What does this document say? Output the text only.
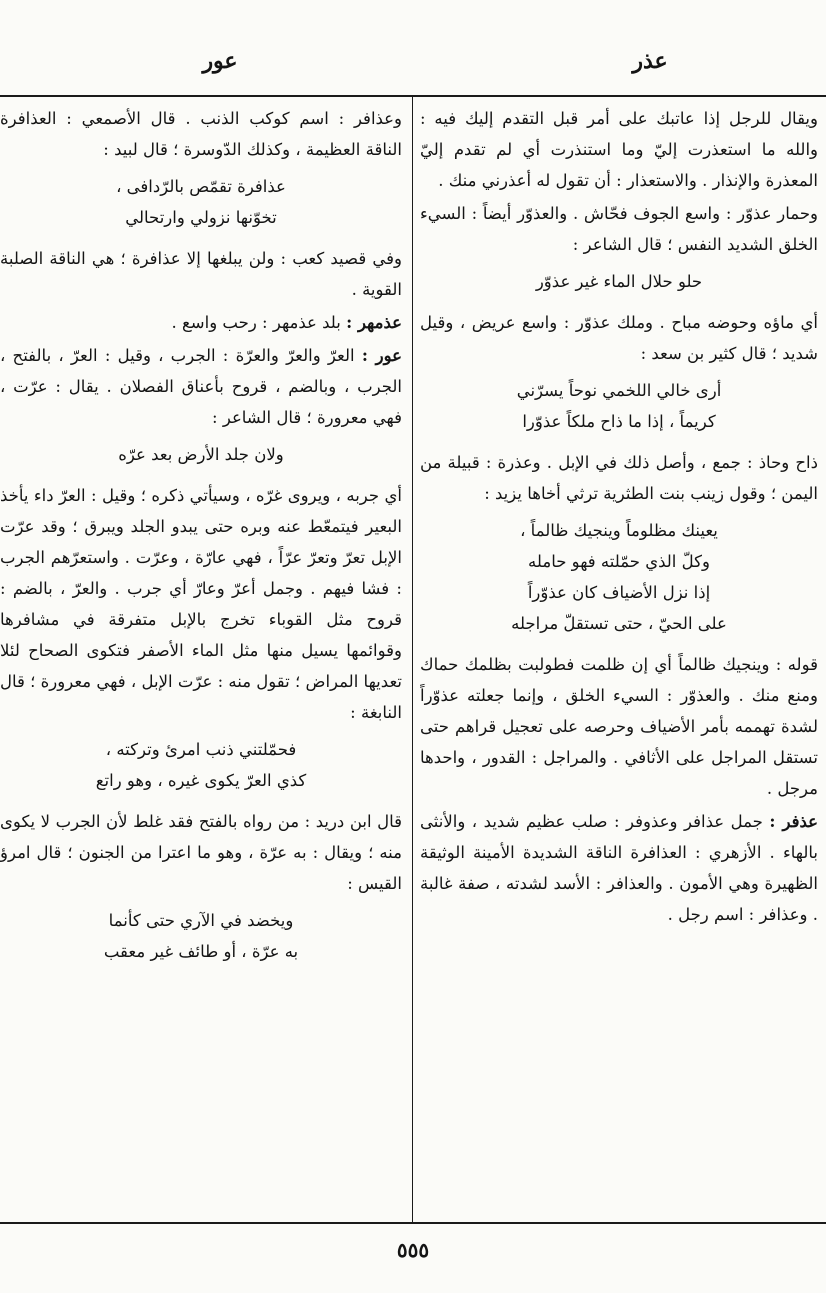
عذر
عور

ويقال للرجل إذا عاتبك على أمر قبل التقدم إليك فيه : والله ما استعذرت إليّ وما استنذرت أي لم تقدم إليّ المعذرة والإنذار . والاستعذار : أن تقول له أعذرني منك .

وحمار عذوّر : واسع الجوف فحّاش . والعذوّر أيضاً : السيء الخلق الشديد النفس ؛ قال الشاعر :

حلو حلال الماء غير عذوّر

أي ماؤه وحوضه مباح . وملك عذوّر : واسع عريض ، وقيل شديد ؛ قال كثير بن سعد :

أرى خالي اللخمي نوحاً يسرّني

كريماً ، إذا ما ذاح ملكاً عذوّرا

ذاح وحاذ : جمع ، وأصل ذلك في الإبل . وعذرة : قبيلة من اليمن ؛ وقول زينب بنت الطثرية ترثي أخاها يزيد :

يعينك مظلوماً وينجيك ظالماً ،

وكلّ الذي حمّلته فهو حامله

إذا نزل الأضياف كان عذوّراً

على الحيّ ، حتى تستقلّ مراجله

قوله : وينجيك ظالماً أي إن ظلمت فطولبت بظلمك حماك ومنع منك . والعذوّر : السيء الخلق ، وإنما جعلته عذوّراً لشدة تهممه بأمر الأضياف وحرصه على تعجيل قراهم حتى تستقل المراجل على الأثافي . والمراجل : القدور ، واحدها مرجل .

عذفر : جمل عذافر وعذوفر : صلب عظيم شديد ، والأنثى بالهاء . الأزهري : العذافرة الناقة الشديدة الأمينة الوثيقة الظهيرة وهي الأمون . والعذافر : الأسد لشدته ، صفة غالبة . وعذافر : اسم رجل .

وعذافر : اسم كوكب الذنب . قال الأصمعي : العذافرة الناقة العظيمة ، وكذلك الدّوسرة ؛ قال لبيد :

عذافرة تقمّص بالرّدافى ،

تخوّنها نزولي وارتحالي

وفي قصيد كعب : ولن يبلغها إلا عذافرة ؛ هي الناقة الصلبة القوية .

عذمهر : بلد عذمهر : رحب واسع .

عور : العرّ والعرّ والعرّة : الجرب ، وقيل : العرّ ، بالفتح ، الجرب ، وبالضم ، قروح بأعناق الفصلان . يقال : عرّت ، فهي معرورة ؛ قال الشاعر :

ولان جلد الأرض بعد عرّه

أي جربه ، ويروى غرّه ، وسيأتي ذكره ؛ وقيل : العرّ داء يأخذ البعير فيتمعّط عنه وبره حتى يبدو الجلد ويبرق ؛ وقد عرّت الإبل تعرّ وتعرّ عرّاً ، فهي عارّة ، وعرّت . واستعرّهم الجرب : فشا فيهم . وجمل أعرّ وعارّ أي جرب . والعرّ ، بالضم : قروح مثل القوباء تخرج بالإبل متفرقة في مشافرها وقوائمها يسيل منها مثل الماء الأصفر فتكوى الصحاح لئلا تعديها المراض ؛ تقول منه : عرّت الإبل ، فهي معرورة ؛ قال النابغة :

فحمّلتني ذنب امرئ وتركته ،

كذي العرّ يكوى غيره ، وهو راتع

قال ابن دريد : من رواه بالفتح فقد غلط لأن الجرب لا يكوى منه ؛ ويقال : به عرّة ، وهو ما اعترا من الجنون ؛ قال امرؤ القيس :

ويخضد في الآري حتى كأنما

به عرّة ، أو طائف غير معقب

٥٥٥
